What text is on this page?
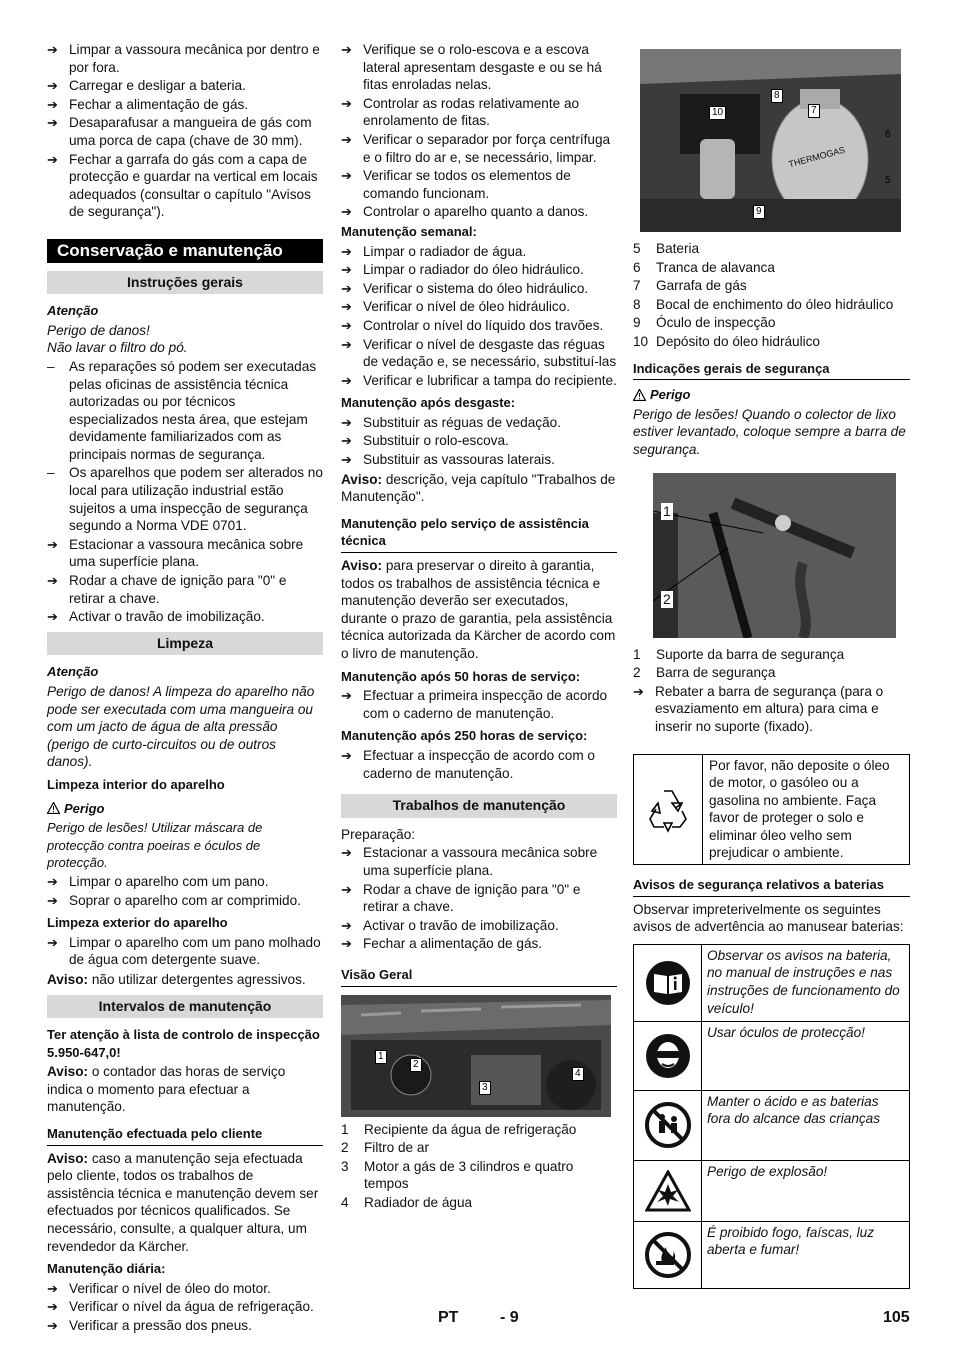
➔ Limpar a vassoura mecânica por dentro e por fora.
➔ Carregar e desligar a bateria.
➔ Fechar a alimentação de gás.
➔ Desaparafusar a mangueira de gás com uma porca de capa (chave de 30 mm).
➔ Fechar a garrafa do gás com a capa de protecção e guardar na vertical em locais adequados (consultar o capítulo "Avisos de segurança").
Conservação e manutenção
Instruções gerais
Atenção
Perigo de danos!
Não lavar o filtro do pó.
–	As reparações só podem ser executadas pelas oficinas de assistência técnica autorizadas ou por técnicos especializados nesta área, que estejam devidamente familiarizados com as principais normas de segurança.
–	Os aparelhos que podem ser alterados no local para utilização industrial estão sujeitos a uma inspecção de segurança segundo a Norma VDE 0701.
➔ Estacionar a vassoura mecânica sobre uma superfície plana.
➔ Rodar a chave de ignição para "0" e retirar a chave.
➔ Activar o travão de imobilização.
Limpeza
Atenção
Perigo de danos! A limpeza do aparelho não pode ser executada com uma mangueira ou com um jacto de água de alta pressão (perigo de curto-circuitos ou de outros danos).
Limpeza interior do aparelho
Perigo
Perigo de lesões! Utilizar máscara de protecção contra poeiras e óculos de protecção.
➔ Limpar o aparelho com um pano.
➔ Soprar o aparelho com ar comprimido.
Limpeza exterior do aparelho
➔ Limpar o aparelho com um pano molhado de água com detergente suave.
Aviso: não utilizar detergentes agressivos.
Intervalos de manutenção
Ter atenção à lista de controlo de inspecção 5.950-647,0!
Aviso: o contador das horas de serviço indica o momento para efectuar a manutenção.
Manutenção efectuada pelo cliente
Aviso: caso a manutenção seja efectuada pelo cliente, todos os trabalhos de assistência técnica e manutenção devem ser efectuados por técnicos qualificados. Se necessário, consulte, a qualquer altura, um revendedor da Kärcher.
Manutenção diária:
➔ Verificar o nível de óleo do motor.
➔ Verificar o nível da água de refrigeração.
➔ Verificar a pressão dos pneus.
➔ Verifique se o rolo-escova e a escova lateral apresentam desgaste e ou se há fitas enroladas nelas.
➔ Controlar as rodas relativamente ao enrolamento de fitas.
➔ Verificar o separador por força centrífuga e o filtro do ar e, se necessário, limpar.
➔ Verificar se todos os elementos de comando funcionam.
➔ Controlar o aparelho quanto a danos.
Manutenção semanal:
➔ Limpar o radiador de água.
➔ Limpar o radiador do óleo hidráulico.
➔ Verificar o sistema do óleo hidráulico.
➔ Verificar o nível de óleo hidráulico.
➔ Controlar o nível do líquido dos travões.
➔ Verificar o nível de desgaste das réguas de vedação e, se necessário, substituí-las
➔ Verificar e lubrificar a tampa do recipiente.
Manutenção após desgaste:
➔ Substituir as réguas de vedação.
➔ Substituir o rolo-escova.
➔ Substituir as vassouras laterais.
Aviso: descrição, veja capítulo "Trabalhos de Manutenção".
Manutenção pelo serviço de assistência técnica
Aviso: para preservar o direito à garantia, todos os trabalhos de assistência técnica e manutenção deverão ser executados, durante o prazo de garantia, pela assistência técnica autorizada da Kärcher de acordo com o livro de manutenção.
Manutenção após 50 horas de serviço:
➔ Efectuar a primeira inspecção de acordo com o caderno de manutenção.
Manutenção após 250 horas de serviço:
➔ Efectuar a inspecção de acordo com o caderno de manutenção.
Trabalhos de manutenção
Preparação:
➔ Estacionar a vassoura mecânica sobre uma superfície plana.
➔ Rodar a chave de ignição para "0" e retirar a chave.
➔ Activar o travão de imobilização.
➔ Fechar a alimentação de gás.
Visão Geral
1
2
3
4
1	Recipiente da água de refrigeração
2	Filtro de ar
3	Motor a gás de 3 cilindros e quatro tempos
4	Radiador de água
10
8
7
6
5
9
THERMOGAS
5	Bateria
6	Tranca de alavanca
7	Garrafa de gás
8	Bocal de enchimento do óleo hidráulico
9	Óculo de inspecção
10 Depósito do óleo hidráulico
Indicações gerais de segurança
Perigo
Perigo de lesões! Quando o colector de lixo estiver levantado, coloque sempre a barra de segurança.
1
2
1	Suporte da barra de segurança
2	Barra de segurança
➔ Rebater a barra de segurança (para o esvaziamento em altura) para cima e inserir no suporte (fixado).
Por favor, não deposite o óleo de motor, o gasóleo ou a gasolina no ambiente. Faça favor de proteger o solo e eliminar óleo velho sem prejudicar o ambiente.
Avisos de segurança relativos a baterias
Observar impreterivelmente os seguintes avisos de advertência ao manusear baterias:
Observar os avisos na bateria, no manual de instruções e nas instruções de funcionamento do veículo!
Usar óculos de protecção!
Manter o ácido e as baterias fora do alcance das crianças
Perigo de explosão!
É proibido fogo, faíscas, luz aberta e fumar!
PT	- 9	105
